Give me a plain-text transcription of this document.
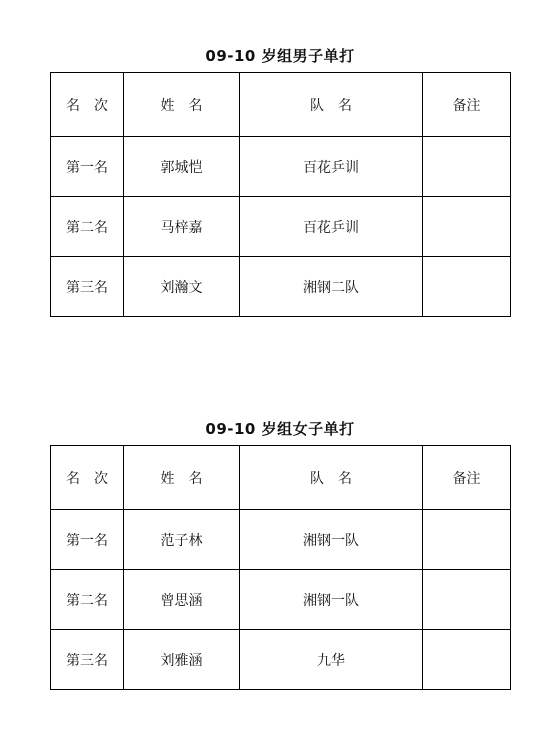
09-10 岁组男子单打
名　次	姓　名	队　名	备注
第一名	郭城恺	百花乒训	
第二名	马梓嘉	百花乒训	
第三名	刘瀚文	湘钢二队	
09-10 岁组女子单打
名　次	姓　名	队　名	备注
第一名	范子林	湘钢一队	
第二名	曾思涵	湘钢一队	
第三名	刘雅涵	九华	
